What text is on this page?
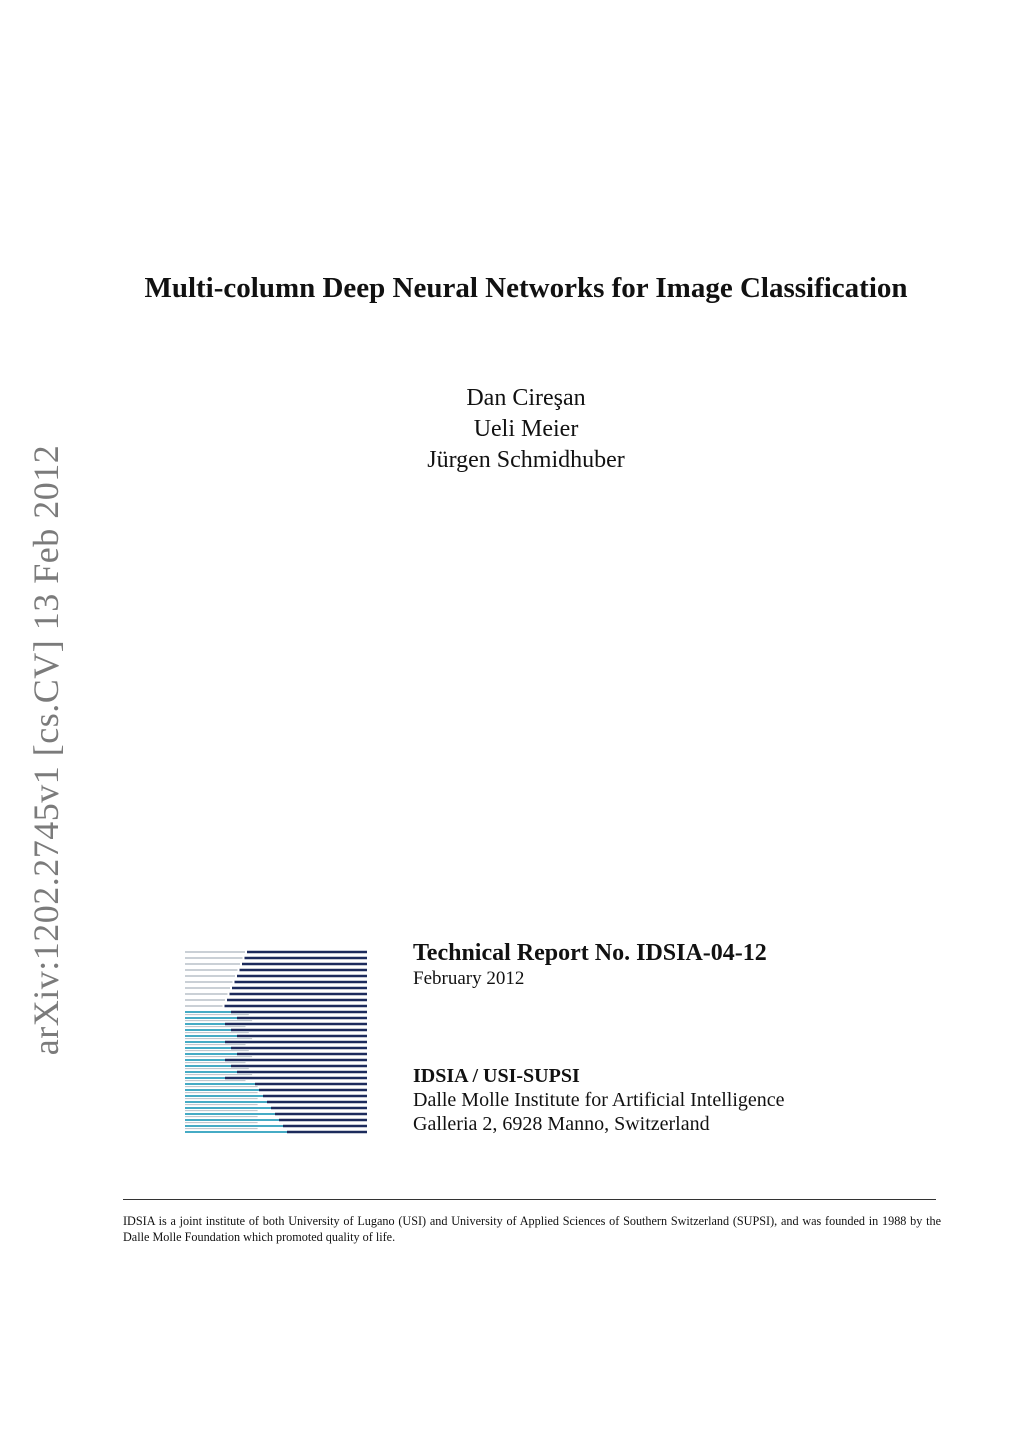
arXiv:1202.2745v1 [cs.CV] 13 Feb 2012
Multi-column Deep Neural Networks for Image Classification
Dan Cireşan
Ueli Meier
Jürgen Schmidhuber
Technical Report No. IDSIA-04-12
February 2012
IDSIA / USI-SUPSI
Dalle Molle Institute for Artificial Intelligence
Galleria 2, 6928 Manno, Switzerland
IDSIA is a joint institute of both University of Lugano (USI) and University of Applied Sciences of Southern Switzerland (SUPSI), and was founded in 1988 by the Dalle Molle Foundation which promoted quality of life.
